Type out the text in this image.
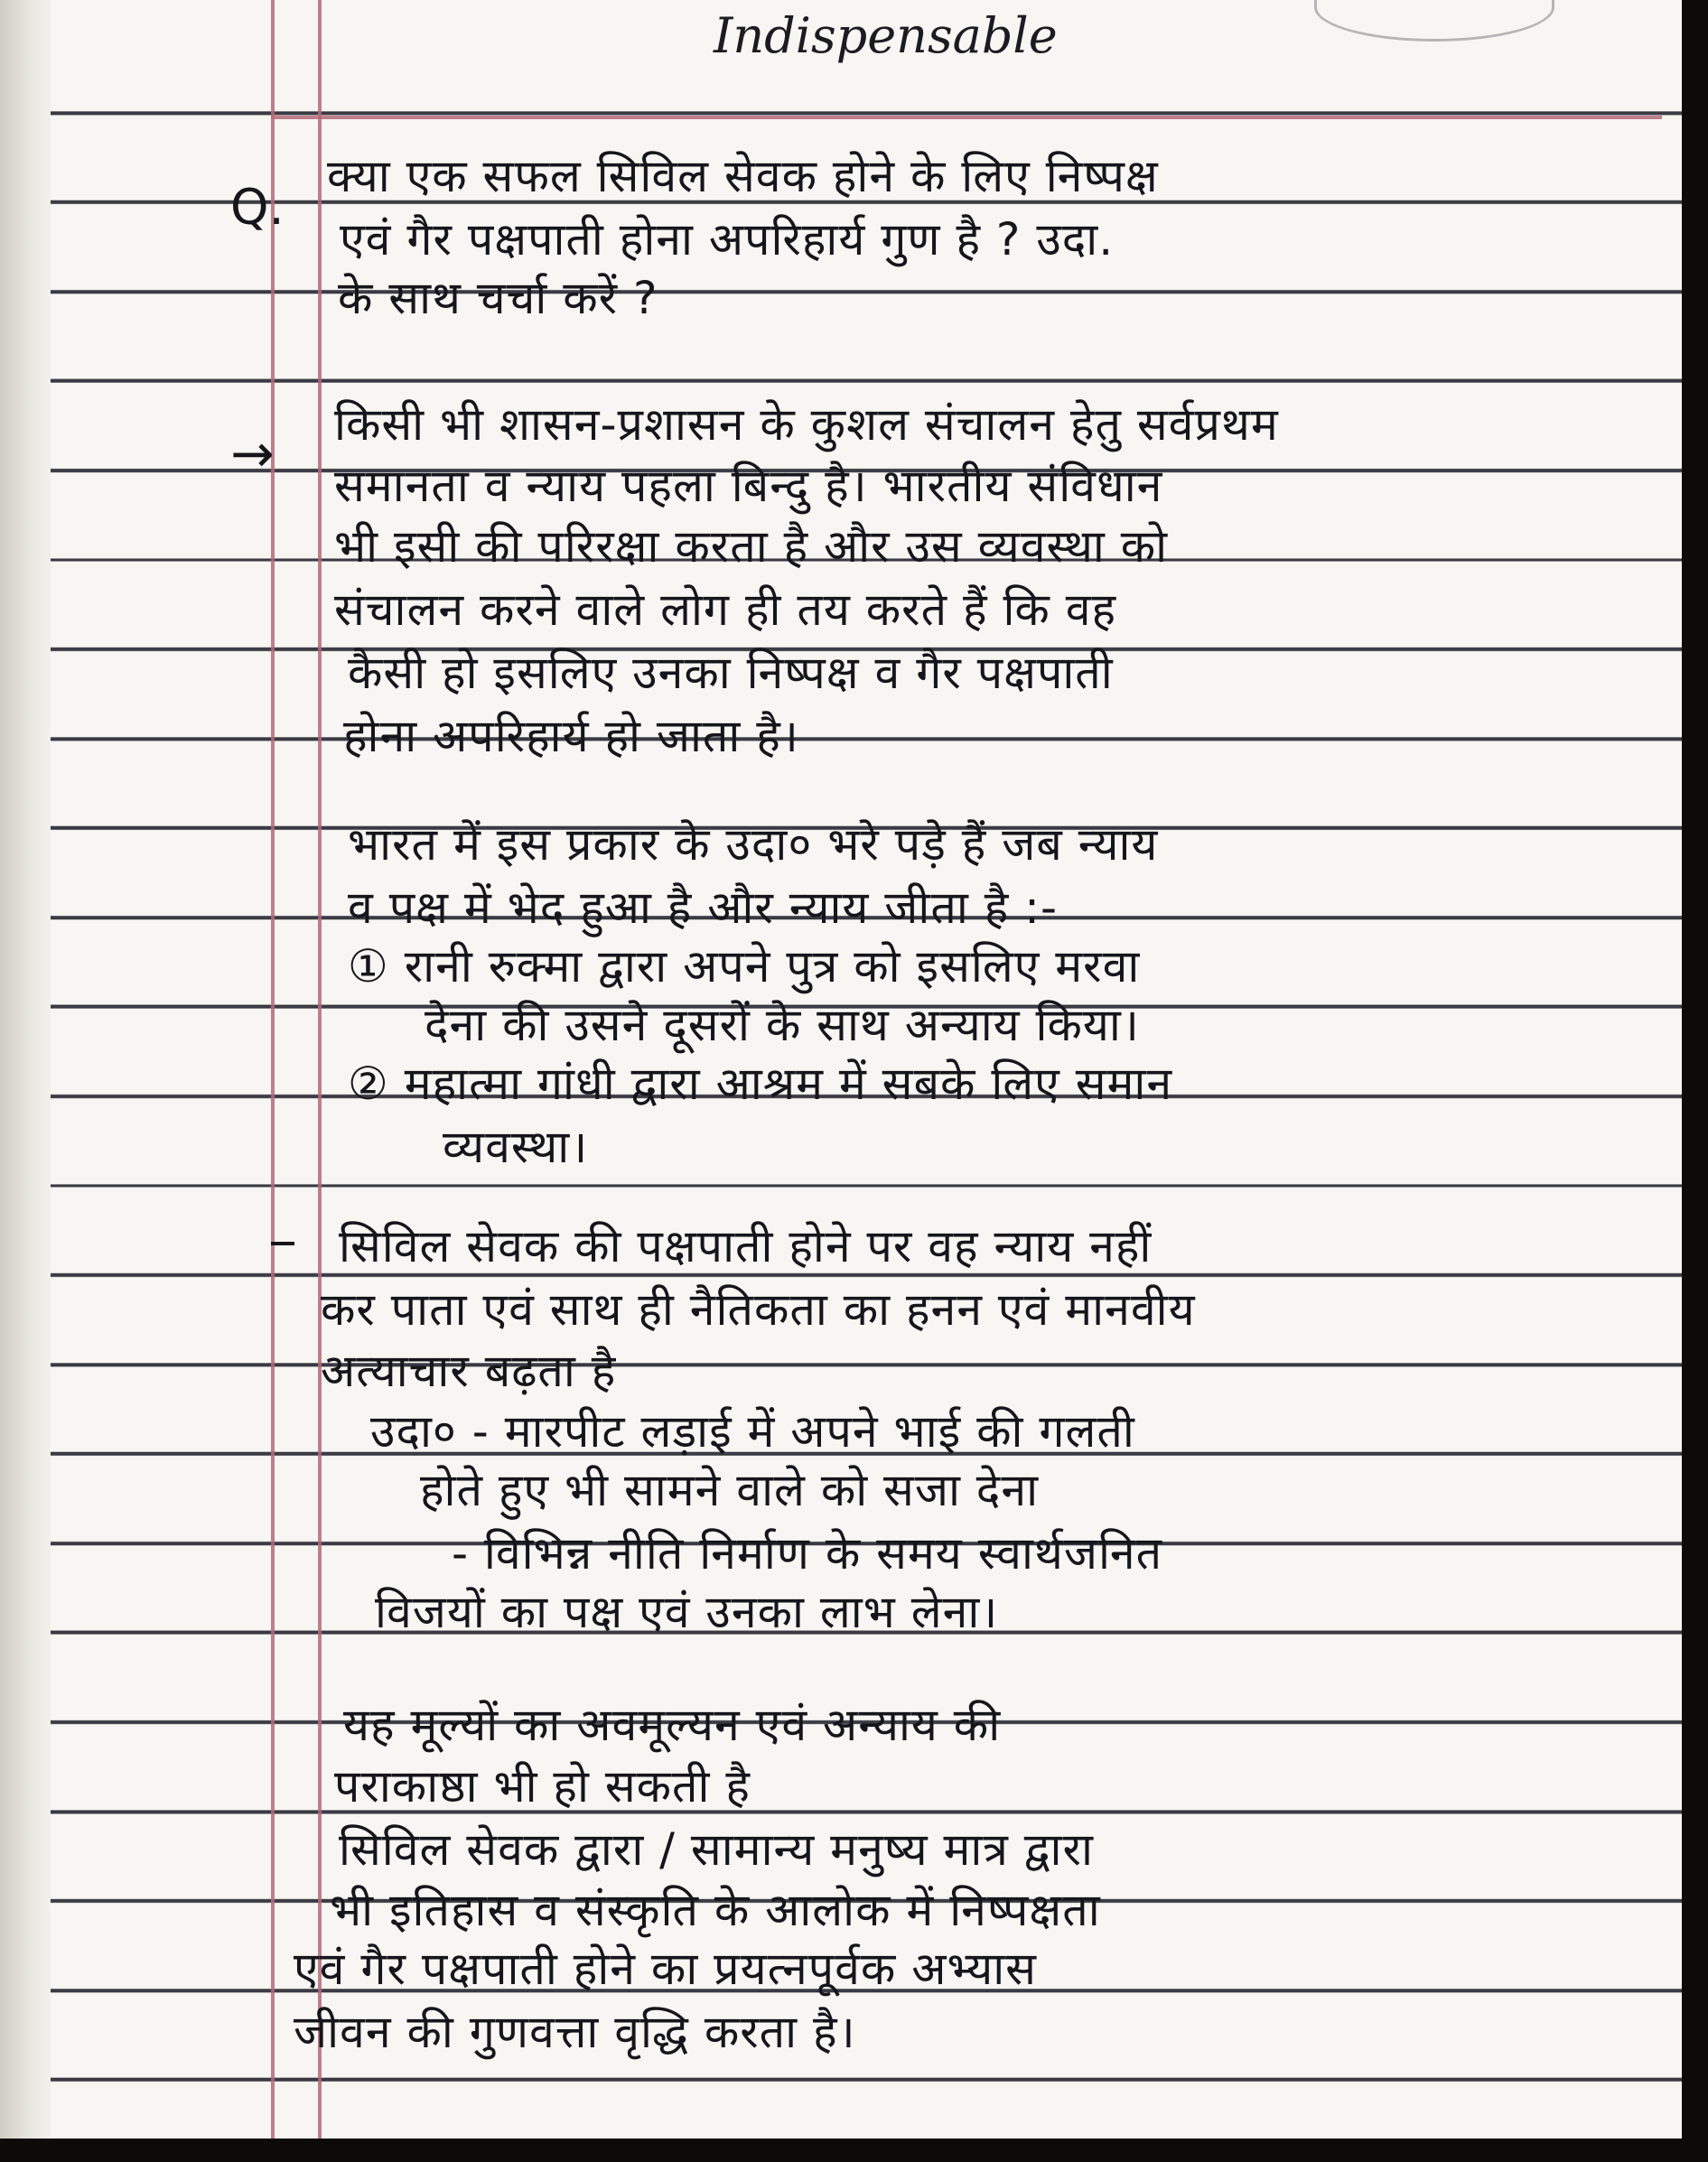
Indispensable
Q.
क्या एक सफल सिविल सेवक होने के लिए निष्पक्ष
एवं गैर पक्षपाती होना अपरिहार्य गुण है ? उदा.
के साथ चर्चा करें ?
→ किसी भी शासन-प्रशासन के कुशल संचालन हेतु सर्वप्रथम
समानता व न्याय पहला बिन्दु है। भारतीय संविधान
भी इसी की परिरक्षा करता है और उस व्यवस्था को
संचालन करने वाले लोग ही तय करते हैं कि वह
कैसी हो इसलिए उनका निष्पक्ष व गैर पक्षपाती
होना अपरिहार्य हो जाता है।
भारत में इस प्रकार के उदा० भरे पड़े हैं जब न्याय
व पक्ष में भेद हुआ है और न्याय जीता है :-
① रानी रुक्मा द्वारा अपने पुत्र को इसलिए मरवा
देना की उसने दूसरों के साथ अन्याय किया।
② महात्मा गांधी द्वारा आश्रम में सबके लिए समान
व्यवस्था।
सिविल सेवक की पक्षपाती होने पर वह न्याय नहीं
कर पाता एवं साथ ही नैतिकता का हनन एवं मानवीय
अत्याचार बढ़ता है
उदा० - मारपीट लड़ाई में अपने भाई की गलती
होते हुए भी सामने वाले को सजा देना
- विभिन्न नीति निर्माण के समय स्वार्थजनित
विजयों का पक्ष एवं उनका लाभ लेना।
यह मूल्यों का अवमूल्यन एवं अन्याय की
पराकाष्ठा भी हो सकती है
सिविल सेवक द्वारा / सामान्य मनुष्य मात्र द्वारा
भी इतिहास व संस्कृति के आलोक में निष्पक्षता
एवं गैर पक्षपाती होने का प्रयत्नपूर्वक अभ्यास
जीवन की गुणवत्ता वृद्धि करता है।
